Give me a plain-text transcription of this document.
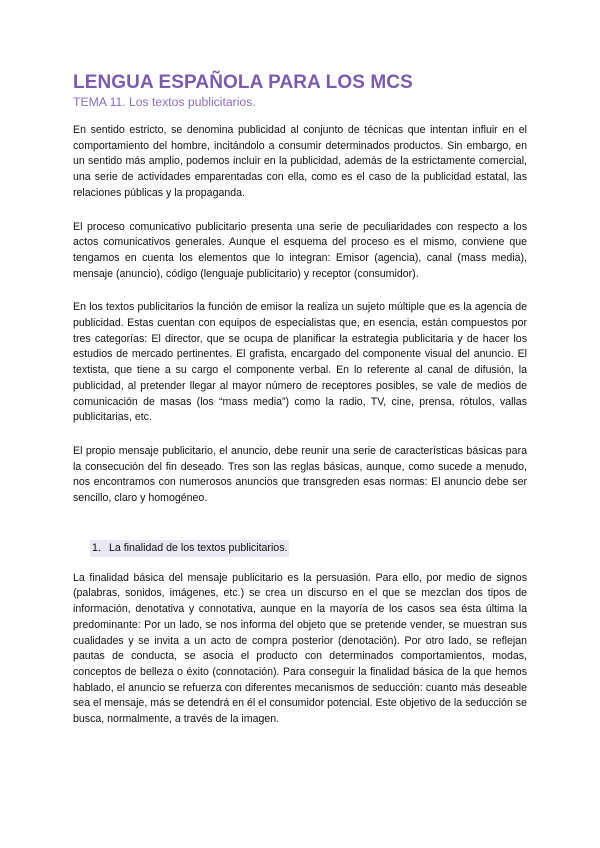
LENGUA ESPAÑOLA PARA LOS MCS
TEMA 11. Los textos publicitarios.

En sentido estricto, se denomina publicidad al conjunto de técnicas que intentan influir en el comportamiento del hombre, incitándolo a consumir determinados productos. Sin embargo, en un sentido más amplio, podemos incluir en la publicidad, además de la estrictamente comercial, una serie de actividades emparentadas con ella, como es el caso de la publicidad estatal, las relaciones públicas y la propaganda.

El proceso comunicativo publicitario presenta una serie de peculiaridades con respecto a los actos comunicativos generales. Aunque el esquema del proceso es el mismo, conviene que tengamos en cuenta los elementos que lo integran: Emisor (agencia), canal (mass media), mensaje (anuncio), código (lenguaje publicitario) y receptor (consumidor).

En los textos publicitarios la función de emisor la realiza un sujeto múltiple que es la agencia de publicidad. Estas cuentan con equipos de especialistas que, en esencia, están compuestos por tres categorías: El director, que se ocupa de planificar la estrategia publicitaria y de hacer los estudios de mercado pertinentes. El grafista, encargado del componente visual del anuncio. El textista, que tiene a su cargo el componente verbal. En lo referente al canal de difusión, la publicidad, al pretender llegar al mayor número de receptores posibles, se vale de medios de comunicación de masas (los “mass media”) como la radio, TV, cine, prensa, rótulos, vallas publicitarias, etc.

El propio mensaje publicitario, el anuncio, debe reunir una serie de características básicas para la consecución del fin deseado. Tres son las reglas básicas, aunque, como sucede a menudo, nos encontramos con numerosos anuncios que transgreden esas normas: El anuncio debe ser sencillo, claro y homogéneo.

1. La finalidad de los textos publicitarios.

La finalidad básica del mensaje publicitario es la persuasión. Para ello, por medio de signos (palabras, sonidos, imágenes, etc.) se crea un discurso en el que se mezclan dos tipos de información, denotativa y connotativa, aunque en la mayoría de los casos sea ésta última la predominante: Por un lado, se nos informa del objeto que se pretende vender, se muestran sus cualidades y se invita a un acto de compra posterior (denotación). Por otro lado, se reflejan pautas de conducta, se asocia el producto con determinados comportamientos, modas, conceptos de belleza o éxito (connotación). Para conseguir la finalidad básica de la que hemos hablado, el anuncio se refuerza con diferentes mecanismos de seducción: cuanto más deseable sea el mensaje, más se detendrá en él el consumidor potencial. Este objetivo de la seducción se busca, normalmente, a través de la imagen.
